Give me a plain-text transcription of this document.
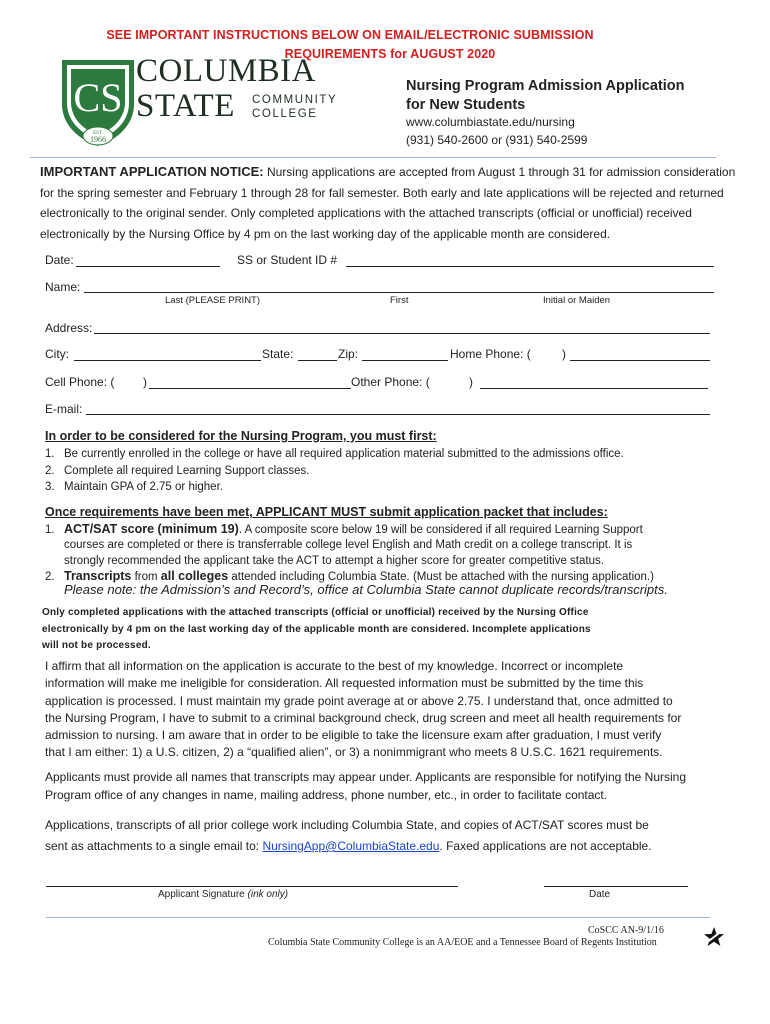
SEE IMPORTANT INSTRUCTIONS BELOW ON EMAIL/ELECTRONIC SUBMISSION
REQUIREMENTS for AUGUST 2020
CS
EST.
1966
COLUMBIA
STATE COMMUNITY
COLLEGE
Nursing Program Admission Application
for New Students
www.columbiastate.edu/nursing
(931) 540-2600 or (931) 540-2599
IMPORTANT APPLICATION NOTICE: Nursing applications are accepted from August 1 through 31 for admission consideration for the spring semester and February 1 through 28 for fall semester. Both early and late applications will be rejected and returned electronically to the original sender. Only completed applications with the attached transcripts (official or unofficial) received electronically by the Nursing Office by 4 pm on the last working day of the applicable month are considered.
Date:	SS or Student ID #
Name:
Last (PLEASE PRINT)	First	Initial or Maiden
Address:
City:	State:	Zip:	Home Phone: (	)
Cell Phone: ( )	Other Phone: (	)
E-mail:
In order to be considered for the Nursing Program, you must first:
1. Be currently enrolled in the college or have all required application material submitted to the admissions office.
2. Complete all required Learning Support classes.
3. Maintain GPA of 2.75 or higher.
Once requirements have been met, APPLICANT MUST submit application packet that includes:
1. ACT/SAT score (minimum 19). A composite score below 19 will be considered if all required Learning Support
courses are completed or there is transferrable college level English and Math credit on a college transcript. It is
strongly recommended the applicant take the ACT to attempt a higher score for greater competitive status.
2. Transcripts from all colleges attended including Columbia State. (Must be attached with the nursing application.)
Please note: the Admission’s and Record’s, office at Columbia State cannot duplicate records/transcripts.
Only completed applications with the attached transcripts (official or unofficial) received by the Nursing Office
electronically by 4 pm on the last working day of the applicable month are considered. Incomplete applications
will not be processed.
I affirm that all information on the application is accurate to the best of my knowledge. Incorrect or incomplete
information will make me ineligible for consideration. All requested information must be submitted by the time this
application is processed. I must maintain my grade point average at or above 2.75. I understand that, once admitted to
the Nursing Program, I have to submit to a criminal background check, drug screen and meet all health requirements for
admission to nursing. I am aware that in order to be eligible to take the licensure exam after graduation, I must verify
that I am either: 1) a U.S. citizen, 2) a “qualified alien”, or 3) a nonimmigrant who meets 8 U.S.C. 1621 requirements.
Applicants must provide all names that transcripts may appear under. Applicants are responsible for notifying the Nursing
Program office of any changes in name, mailing address, phone number, etc., in order to facilitate contact.
Applications, transcripts of all prior college work including Columbia State, and copies of ACT/SAT scores must be
sent as attachments to a single email to: NursingApp@ColumbiaState.edu. Faxed applications are not acceptable.
Applicant Signature (ink only)	Date
CoSCC AN-9/1/16
Columbia State Community College is an AA/EOE and a Tennessee Board of Regents Institution
